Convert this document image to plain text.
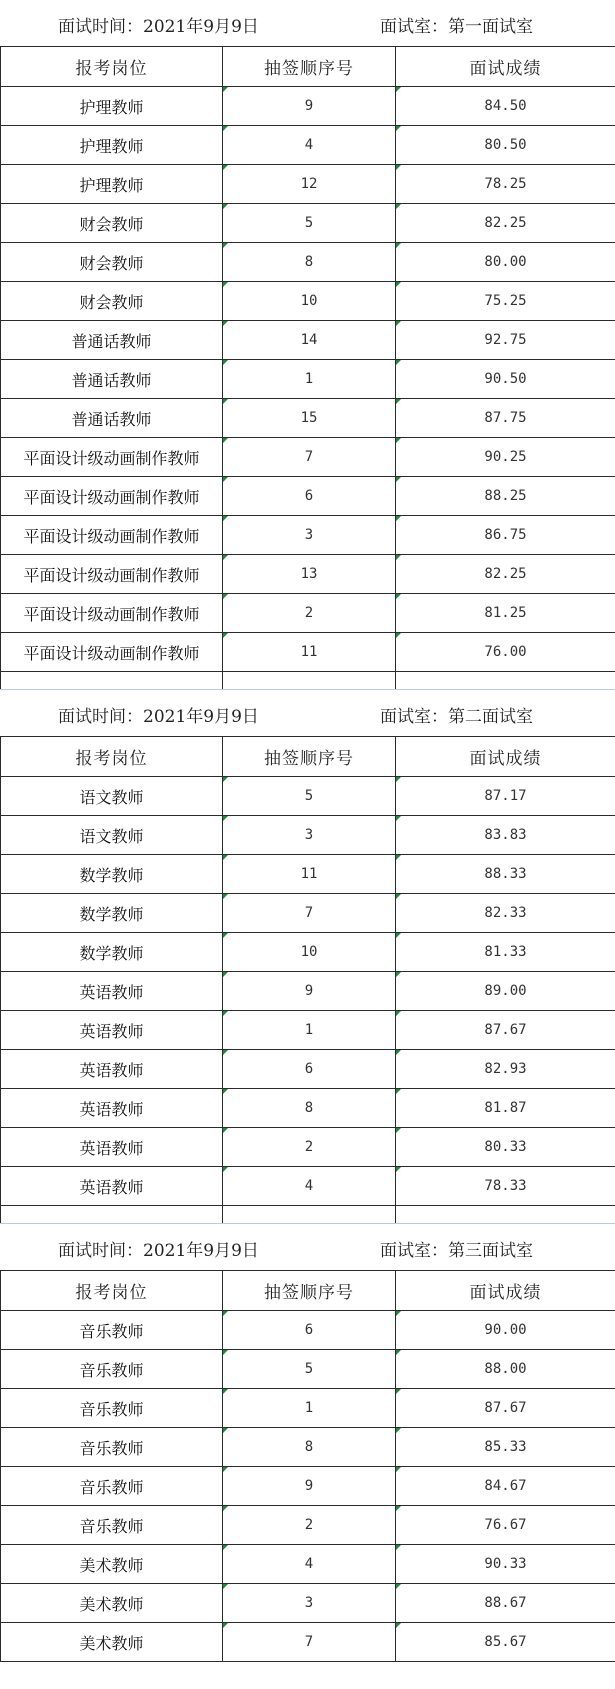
面试时间：2021年9月9日	面试室：第一面试室
报考岗位	抽签顺序号	面试成绩
护理教师	9	84.50
护理教师	4	80.50
护理教师	12	78.25
财会教师	5	82.25
财会教师	8	80.00
财会教师	10	75.25
普通话教师	14	92.75
普通话教师	1	90.50
普通话教师	15	87.75
平面设计级动画制作教师	7	90.25
平面设计级动画制作教师	6	88.25
平面设计级动画制作教师	3	86.75
平面设计级动画制作教师	13	82.25
平面设计级动画制作教师	2	81.25
平面设计级动画制作教师	11	76.00

面试时间：2021年9月9日	面试室：第二面试室
报考岗位	抽签顺序号	面试成绩
语文教师	5	87.17
语文教师	3	83.83
数学教师	11	88.33
数学教师	7	82.33
数学教师	10	81.33
英语教师	9	89.00
英语教师	1	87.67
英语教师	6	82.93
英语教师	8	81.87
英语教师	2	80.33
英语教师	4	78.33

面试时间：2021年9月9日	面试室：第三面试室
报考岗位	抽签顺序号	面试成绩
音乐教师	6	90.00
音乐教师	5	88.00
音乐教师	1	87.67
音乐教师	8	85.33
音乐教师	9	84.67
音乐教师	2	76.67
美术教师	4	90.33
美术教师	3	88.67
美术教师	7	85.67
